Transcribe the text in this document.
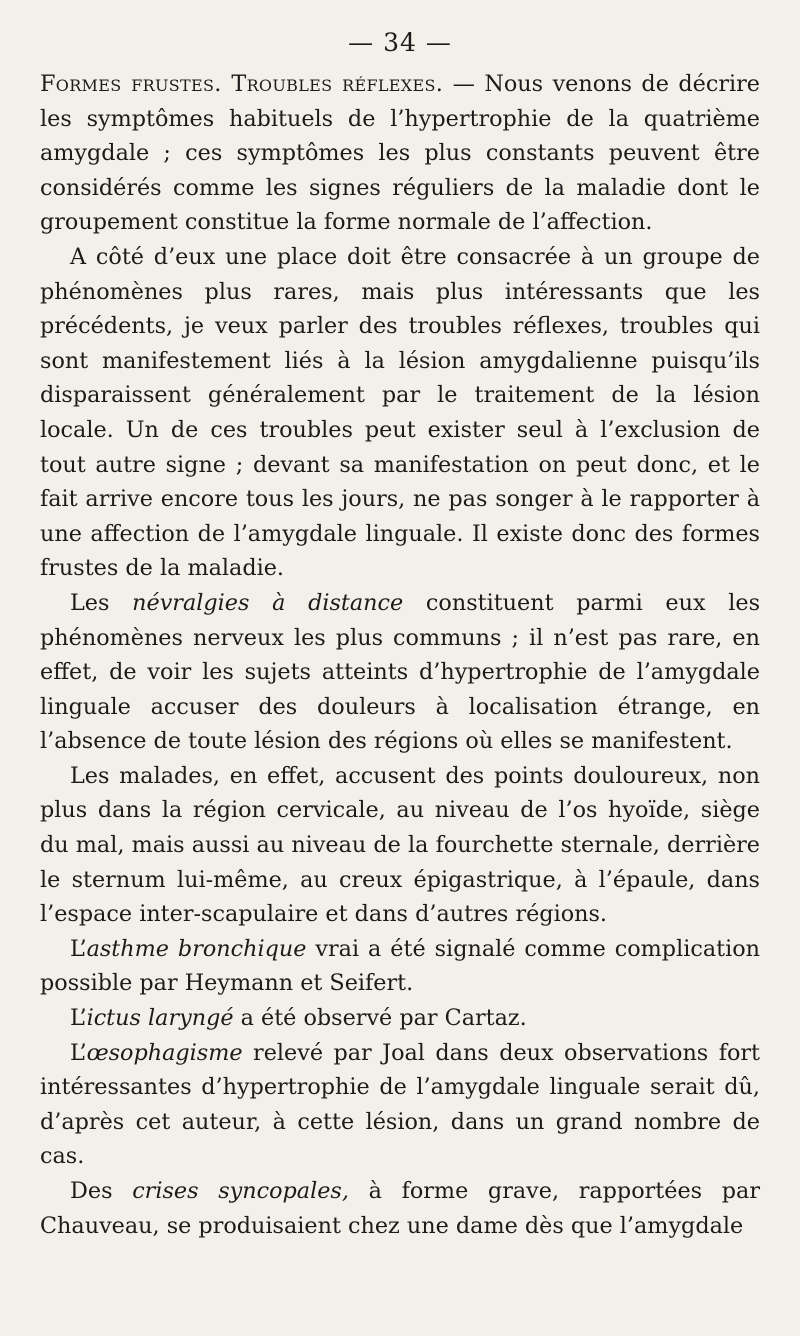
— 34 —

Formes frustes. Troubles réflexes. — Nous venons de décrire les symptômes habituels de l’hypertrophie de la quatrième amygdale ; ces symptômes les plus constants peuvent être considérés comme les signes réguliers de la maladie dont le groupement constitue la forme normale de l’affection.

A côté d’eux une place doit être consacrée à un groupe de phénomènes plus rares, mais plus intéressants que les précédents, je veux parler des troubles réflexes, troubles qui sont manifestement liés à la lésion amygdalienne puisqu’ils disparaissent généralement par le traitement de la lésion locale. Un de ces troubles peut exister seul à l’exclusion de tout autre signe ; devant sa manifestation on peut donc, et le fait arrive encore tous les jours, ne pas songer à le rapporter à une affection de l’amygdale linguale. Il existe donc des formes frustes de la maladie.

Les névralgies à distance constituent parmi eux les phénomènes nerveux les plus communs ; il n’est pas rare, en effet, de voir les sujets atteints d’hypertrophie de l’amygdale linguale accuser des douleurs à localisation étrange, en l’absence de toute lésion des régions où elles se manifestent.

Les malades, en effet, accusent des points douloureux, non plus dans la région cervicale, au niveau de l’os hyoïde, siège du mal, mais aussi au niveau de la fourchette sternale, derrière le sternum lui-même, au creux épigastrique, à l’épaule, dans l’espace inter-scapulaire et dans d’autres régions.

L’asthme bronchique vrai a été signalé comme complication possible par Heymann et Seifert.

L’ictus laryngé a été observé par Cartaz.

L’œsophagisme relevé par Joal dans deux observations fort intéressantes d’hypertrophie de l’amygdale linguale serait dû, d’après cet auteur, à cette lésion, dans un grand nombre de cas.

Des crises syncopales, à forme grave, rapportées par Chauveau, se produisaient chez une dame dès que l’amygdale
